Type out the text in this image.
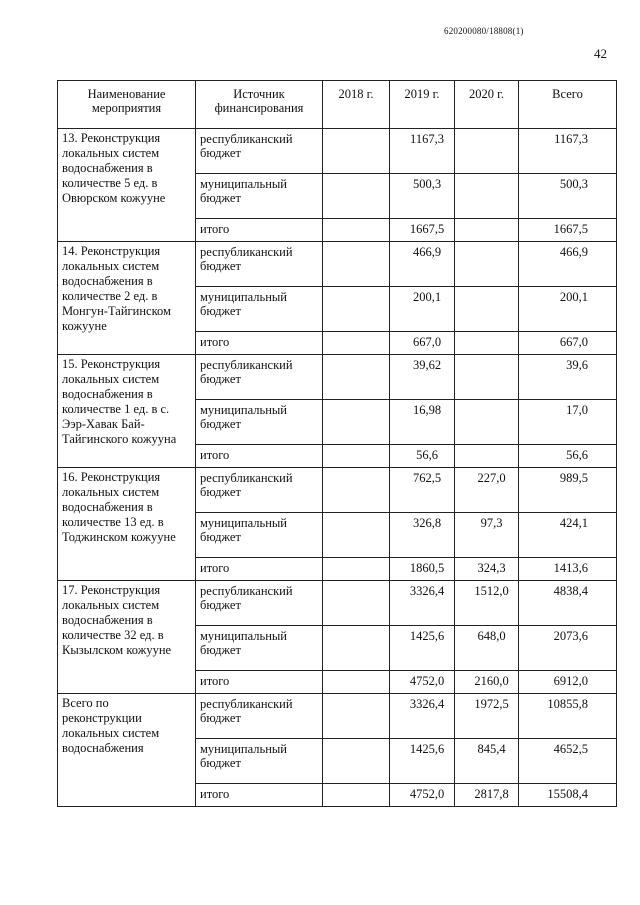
620200080/18808(1)
42
Наименование мероприятия	Источник финансирования	2018 г.	2019 г.	2020 г.	Всего
13. Реконструкция локальных систем водоснабжения в количестве 5 ед. в Овюрском кожууне	республиканский бюджет		1167,3		1167,3
	муниципальный бюджет		500,3		500,3
	итого		1667,5		1667,5
14. Реконструкция локальных систем водоснабжения в количестве 2 ед. в Монгун-Тайгинском кожууне	республиканский бюджет		466,9		466,9
	муниципальный бюджет		200,1		200,1
	итого		667,0		667,0
15. Реконструкция локальных систем водоснабжения в количестве 1 ед. в с. Ээр-Хавак Бай-Тайгинского кожууна	республиканский бюджет		39,62		39,6
	муниципальный бюджет		16,98		17,0
	итого		56,6		56,6
16. Реконструкция локальных систем водоснабжения в количестве 13 ед. в Тоджинском кожууне	республиканский бюджет		762,5	227,0	989,5
	муниципальный бюджет		326,8	97,3	424,1
	итого		1860,5	324,3	1413,6
17. Реконструкция локальных систем водоснабжения в количестве 32 ед. в Кызылском кожууне	республиканский бюджет		3326,4	1512,0	4838,4
	муниципальный бюджет		1425,6	648,0	2073,6
	итого		4752,0	2160,0	6912,0
Всего по реконструкции локальных систем водоснабжения	республиканский бюджет		3326,4	1972,5	10855,8
	муниципальный бюджет		1425,6	845,4	4652,5
	итого		4752,0	2817,8	15508,4
